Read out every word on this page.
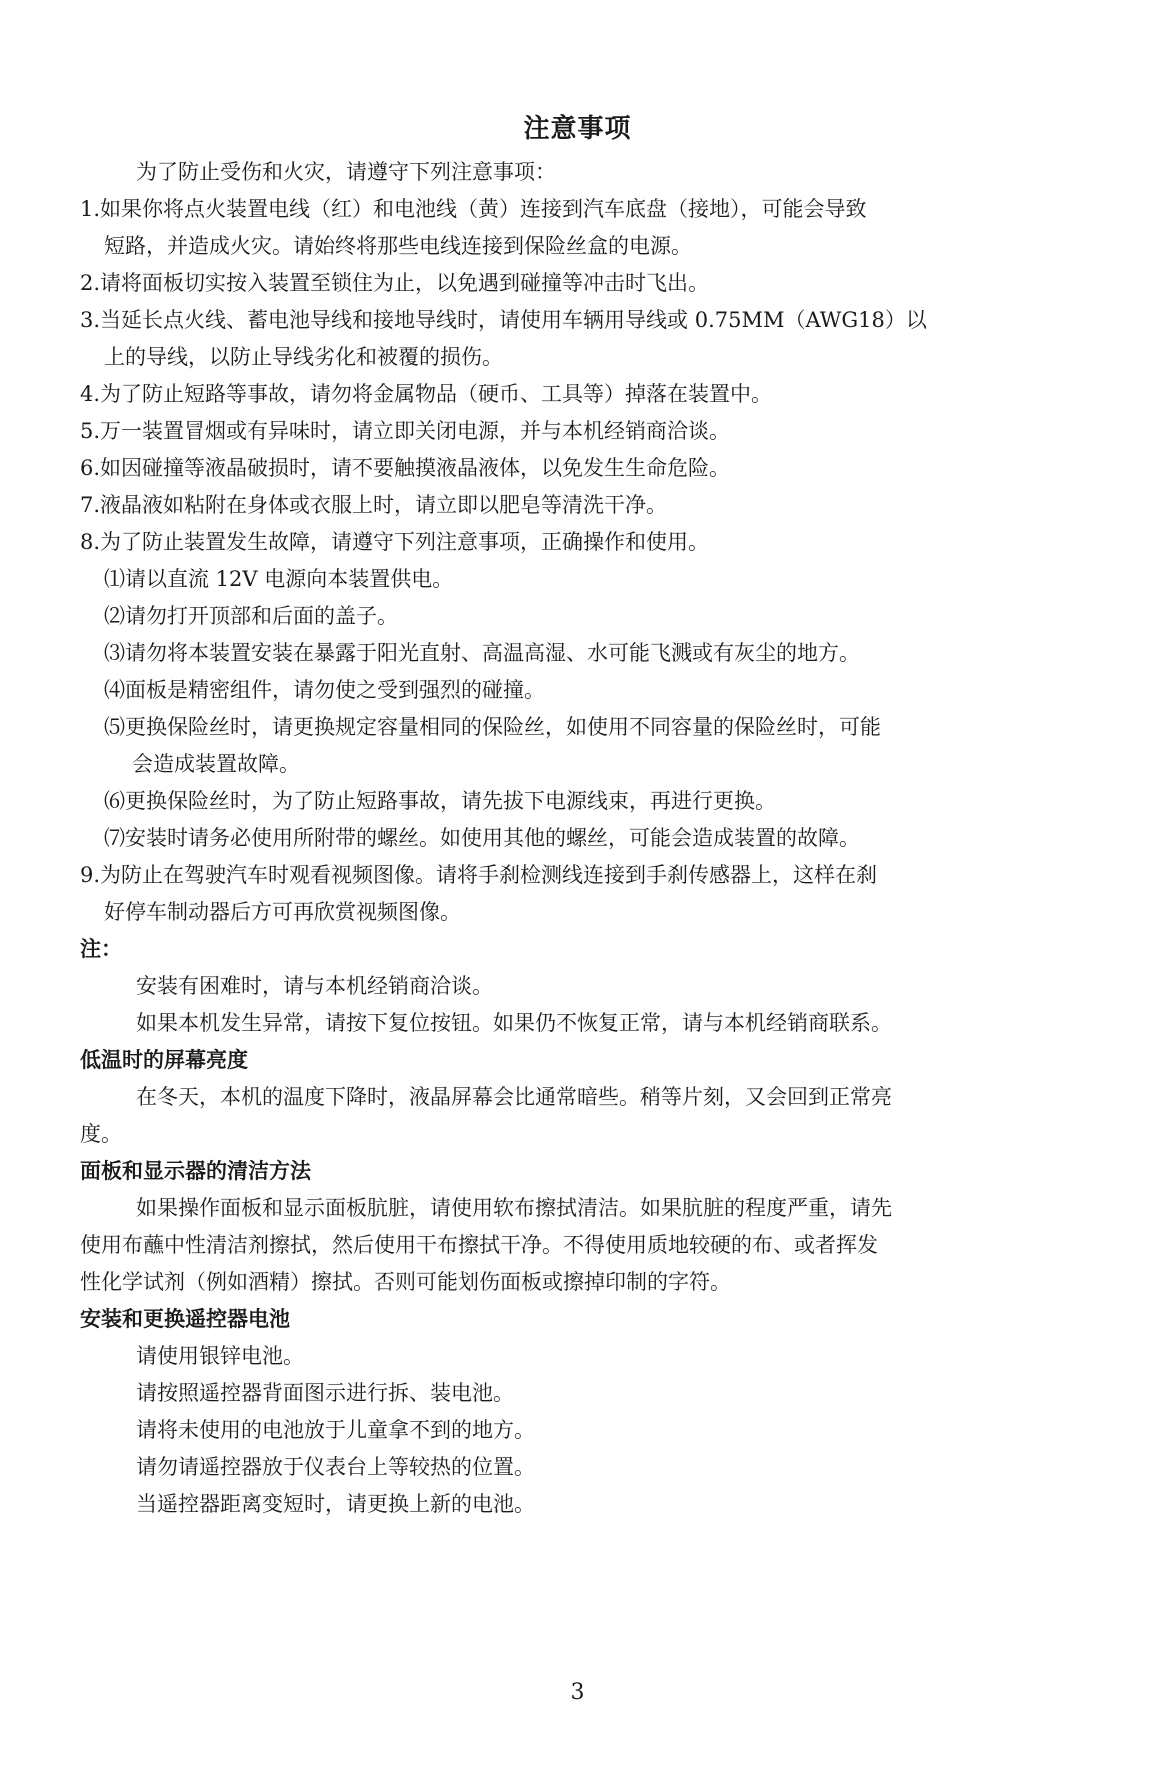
注意事项
为了防止受伤和火灾，请遵守下列注意事项：
1.如果你将点火装置电线（红）和电池线（黄）连接到汽车底盘（接地），可能会导致
短路，并造成火灾。请始终将那些电线连接到保险丝盒的电源。
2.请将面板切实按入装置至锁住为止，以免遇到碰撞等冲击时飞出。
3.当延长点火线、蓄电池导线和接地导线时，请使用车辆用导线或 0.75MM（AWG18）以
上的导线，以防止导线劣化和被覆的损伤。
4.为了防止短路等事故，请勿将金属物品（硬币、工具等）掉落在装置中。
5.万一装置冒烟或有异味时，请立即关闭电源，并与本机经销商洽谈。
6.如因碰撞等液晶破损时，请不要触摸液晶液体，以免发生生命危险。
7.液晶液如粘附在身体或衣服上时，请立即以肥皂等清洗干净。
8.为了防止装置发生故障，请遵守下列注意事项，正确操作和使用。
⑴请以直流 12V 电源向本装置供电。
⑵请勿打开顶部和后面的盖子。
⑶请勿将本装置安装在暴露于阳光直射、高温高湿、水可能飞溅或有灰尘的地方。
⑷面板是精密组件，请勿使之受到强烈的碰撞。
⑸更换保险丝时，请更换规定容量相同的保险丝，如使用不同容量的保险丝时，可能
会造成装置故障。
⑹更换保险丝时，为了防止短路事故，请先拔下电源线束，再进行更换。
⑺安装时请务必使用所附带的螺丝。如使用其他的螺丝，可能会造成装置的故障。
9.为防止在驾驶汽车时观看视频图像。请将手刹检测线连接到手刹传感器上，这样在刹
好停车制动器后方可再欣赏视频图像。
注：
安装有困难时，请与本机经销商洽谈。
如果本机发生异常，请按下复位按钮。如果仍不恢复正常，请与本机经销商联系。
低温时的屏幕亮度
在冬天，本机的温度下降时，液晶屏幕会比通常暗些。稍等片刻，又会回到正常亮
度。
面板和显示器的清洁方法
如果操作面板和显示面板肮脏，请使用软布擦拭清洁。如果肮脏的程度严重，请先
使用布蘸中性清洁剂擦拭，然后使用干布擦拭干净。不得使用质地较硬的布、或者挥发
性化学试剂（例如酒精）擦拭。否则可能划伤面板或擦掉印制的字符。
安装和更换遥控器电池
请使用银锌电池。
请按照遥控器背面图示进行拆、装电池。
请将未使用的电池放于儿童拿不到的地方。
请勿请遥控器放于仪表台上等较热的位置。
当遥控器距离变短时，请更换上新的电池。
3
